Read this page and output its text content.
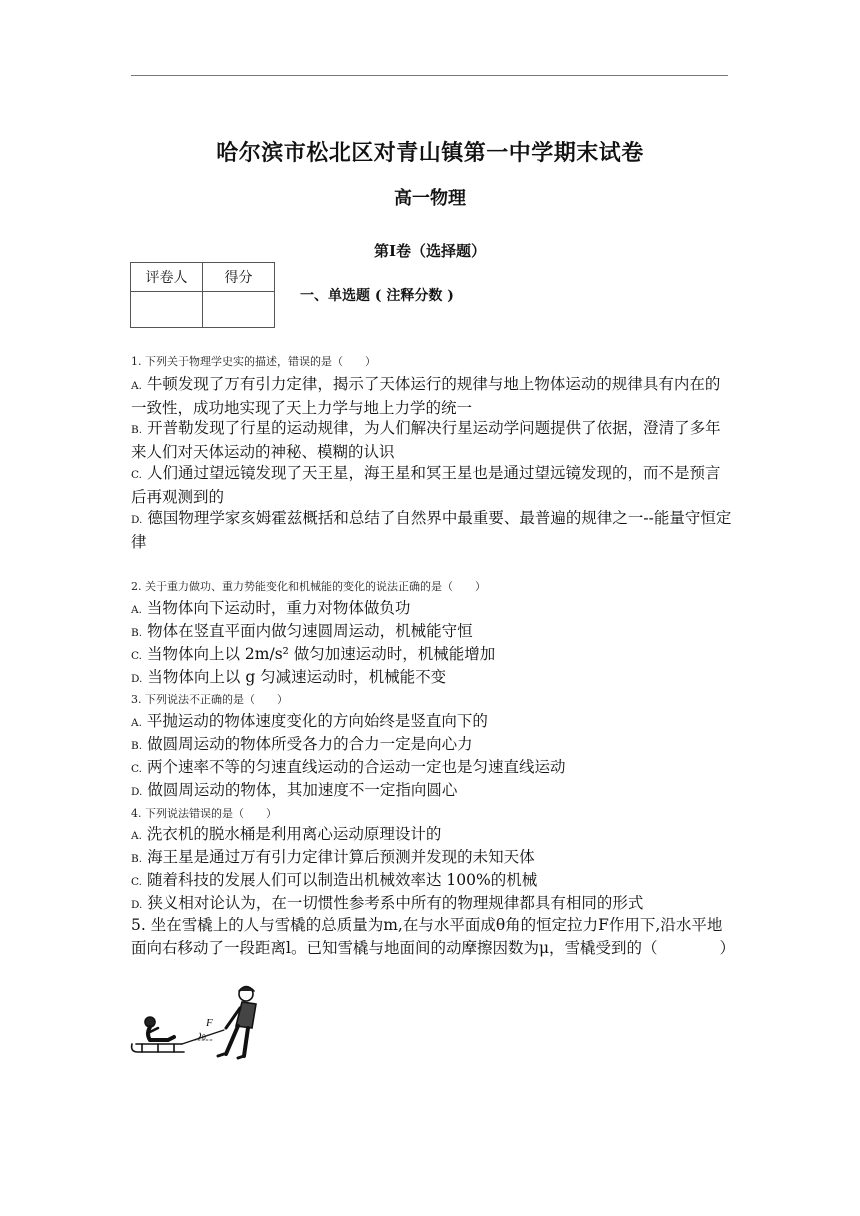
哈尔滨市松北区对青山镇第一中学期末试卷
高一物理
第Ⅰ卷（选择题）
评卷人	得分

一、单选题 ( 注释分数 )
1. 下列关于物理学史实的描述，错误的是（　　）
A. 牛顿发现了万有引力定律，揭示了天体运行的规律与地上物体运动的规律具有内在的一致性，成功地实现了天上力学与地上力学的统一
B. 开普勒发现了行星的运动规律，为人们解决行星运动学问题提供了依据，澄清了多年来人们对天体运动的神秘、模糊的认识
C. 人们通过望远镜发现了天王星，海王星和冥王星也是通过望远镜发现的，而不是预言后再观测到的
D. 德国物理学家亥姆霍兹概括和总结了自然界中最重要、最普遍的规律之一--能量守恒定律
2. 关于重力做功、重力势能变化和机械能的变化的说法正确的是（　　）
A. 当物体向下运动时，重力对物体做负功
B. 物体在竖直平面内做匀速圆周运动，机械能守恒
C. 当物体向上以 2m/s² 做匀加速运动时，机械能增加
D. 当物体向上以 g 匀减速运动时，机械能不变
3. 下列说法不正确的是（　　）
A. 平抛运动的物体速度变化的方向始终是竖直向下的
B. 做圆周运动的物体所受各力的合力一定是向心力
C. 两个速率不等的匀速直线运动的合运动一定也是匀速直线运动
D. 做圆周运动的物体，其加速度不一定指向圆心
4. 下列说法错误的是（　　）
A. 洗衣机的脱水桶是利用离心运动原理设计的
B. 海王星是通过万有引力定律计算后预测并发现的未知天体
C. 随着科技的发展人们可以制造出机械效率达 100%的机械
D. 狭义相对论认为，在一切惯性参考系中所有的物理规律都具有相同的形式
5. 坐在雪橇上的人与雪橇的总质量为m,在与水平面成θ角的恒定拉力F作用下,沿水平地面向右移动了一段距离l。已知雪橇与地面间的动摩擦因数为μ，雪橇受到的（　　　　）
F
θ
